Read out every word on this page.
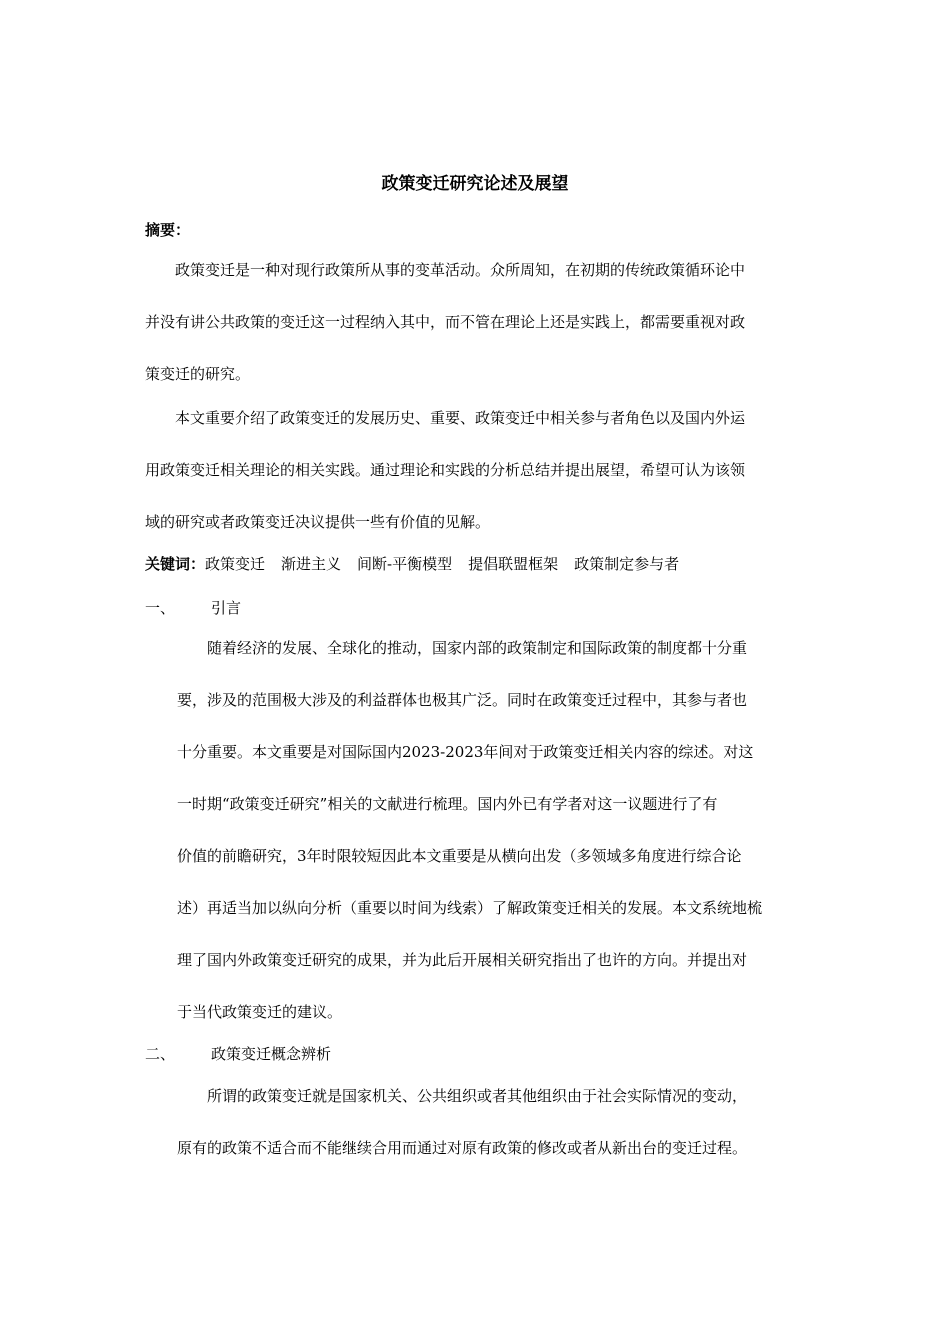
政策变迁研究论述及展望
摘要：
　　政策变迁是一种对现行政策所从事的变革活动。众所周知，在初期的传统政策循环论中
并没有讲公共政策的变迁这一过程纳入其中，而不管在理论上还是实践上，都需要重视对政
策变迁的研究。
　　本文重要介绍了政策变迁的发展历史、重要、政策变迁中相关参与者角色以及国内外运
用政策变迁相关理论的相关实践。通过理论和实践的分析总结并提出展望，希望可认为该领
域的研究或者政策变迁决议提供一些有价值的见解。
关键词：政策变迁 渐进主义 间断-平衡模型 提倡联盟框架 政策制定参与者
一、 引言
　　随着经济的发展、全球化的推动，国家内部的政策制定和国际政策的制度都十分重
要，涉及的范围极大涉及的利益群体也极其广泛。同时在政策变迁过程中，其参与者也
十分重要。本文重要是对国际国内2023-2023年间对于政策变迁相关内容的综述。对这
一时期“政策变迁研究”相关的文献进行梳理。国内外已有学者对这一议题进行了有
价值的前瞻研究，3年时限较短因此本文重要是从横向出发（多领域多角度进行综合论
述）再适当加以纵向分析（重要以时间为线索）了解政策变迁相关的发展。本文系统地梳
理了国内外政策变迁研究的成果，并为此后开展相关研究指出了也许的方向。并提出对
于当代政策变迁的建议。
二、 政策变迁概念辨析
　　所谓的政策变迁就是国家机关、公共组织或者其他组织由于社会实际情况的变动，
原有的政策不适合而不能继续合用而通过对原有政策的修改或者从新出台的变迁过程。
